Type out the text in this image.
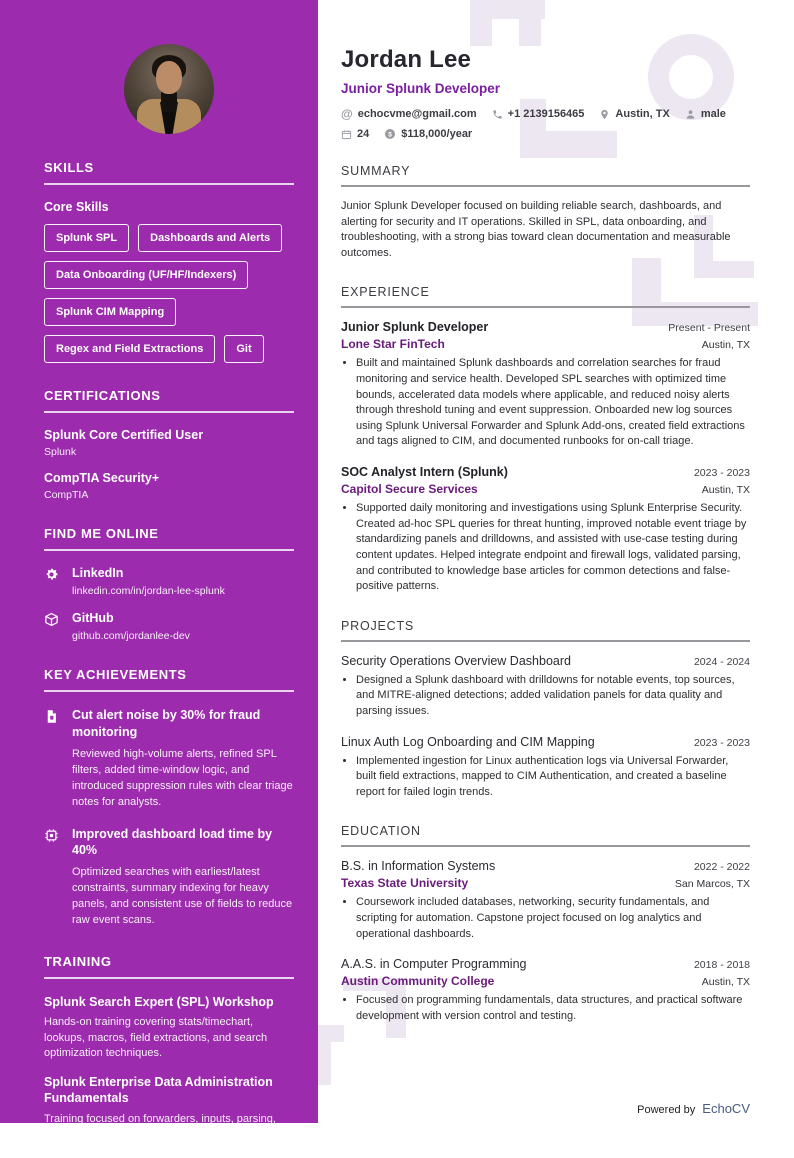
SKILLS
Core Skills
Splunk SPL	Dashboards and Alerts
Data Onboarding (UF/HF/Indexers)
Splunk CIM Mapping
Regex and Field Extractions	Git
CERTIFICATIONS
Splunk Core Certified User
Splunk
CompTIA Security+
CompTIA
FIND ME ONLINE
LinkedIn
linkedin.com/in/jordan-lee-splunk
GitHub
github.com/jordanlee-dev
KEY ACHIEVEMENTS
Cut alert noise by 30% for fraud monitoring
Reviewed high-volume alerts, refined SPL filters, added time-window logic, and introduced suppression rules with clear triage notes for analysts.
Improved dashboard load time by 40%
Optimized searches with earliest/latest constraints, summary indexing for heavy panels, and consistent use of fields to reduce raw event scans.
TRAINING
Splunk Search Expert (SPL) Workshop
Hands-on training covering stats/timechart, lookups, macros, field extractions, and search optimization techniques.
Splunk Enterprise Data Administration Fundamentals
Training focused on forwarders, inputs, parsing, index management basics, and data onboarding best practices.
Jordan Lee
Junior Splunk Developer
@ echocvme@gmail.com	+1 2139156465	Austin, TX	male
24 $ $118,000/year
SUMMARY

Junior Splunk Developer focused on building reliable search, dashboards, and alerting for security and IT operations. Skilled in SPL, data onboarding, and troubleshooting, with a strong bias toward clean documentation and measurable outcomes.

EXPERIENCE
Junior Splunk Developer	Present - Present
Lone Star FinTech	Austin, TX
• Built and maintained Splunk dashboards and correlation searches for fraud monitoring and service health. Developed SPL searches with optimized time bounds, accelerated data models where applicable, and reduced noisy alerts through threshold tuning and event suppression. Onboarded new log sources using Splunk Universal Forwarder and Splunk Add-ons, created field extractions and tags aligned to CIM, and documented runbooks for on-call triage.
SOC Analyst Intern (Splunk)	2023 - 2023
Capitol Secure Services	Austin, TX
• Supported daily monitoring and investigations using Splunk Enterprise Security. Created ad-hoc SPL queries for threat hunting, improved notable event triage by standardizing panels and drilldowns, and assisted with use-case testing during content updates. Helped integrate endpoint and firewall logs, validated parsing, and contributed to knowledge base articles for common detections and false-positive patterns.
PROJECTS
Security Operations Overview Dashboard	2024 - 2024
• Designed a Splunk dashboard with drilldowns for notable events, top sources, and MITRE-aligned detections; added validation panels for data quality and parsing issues.
Linux Auth Log Onboarding and CIM Mapping	2023 - 2023
• Implemented ingestion for Linux authentication logs via Universal Forwarder, built field extractions, mapped to CIM Authentication, and created a baseline report for failed login trends.
EDUCATION
B.S. in Information Systems	2022 - 2022
Texas State University	San Marcos, TX
• Coursework included databases, networking, security fundamentals, and scripting for automation. Capstone project focused on log analytics and operational dashboards.
A.A.S. in Computer Programming	2018 - 2018
Austin Community College	Austin, TX
• Focused on programming fundamentals, data structures, and practical software development with version control and testing.
Powered by EchoCV
